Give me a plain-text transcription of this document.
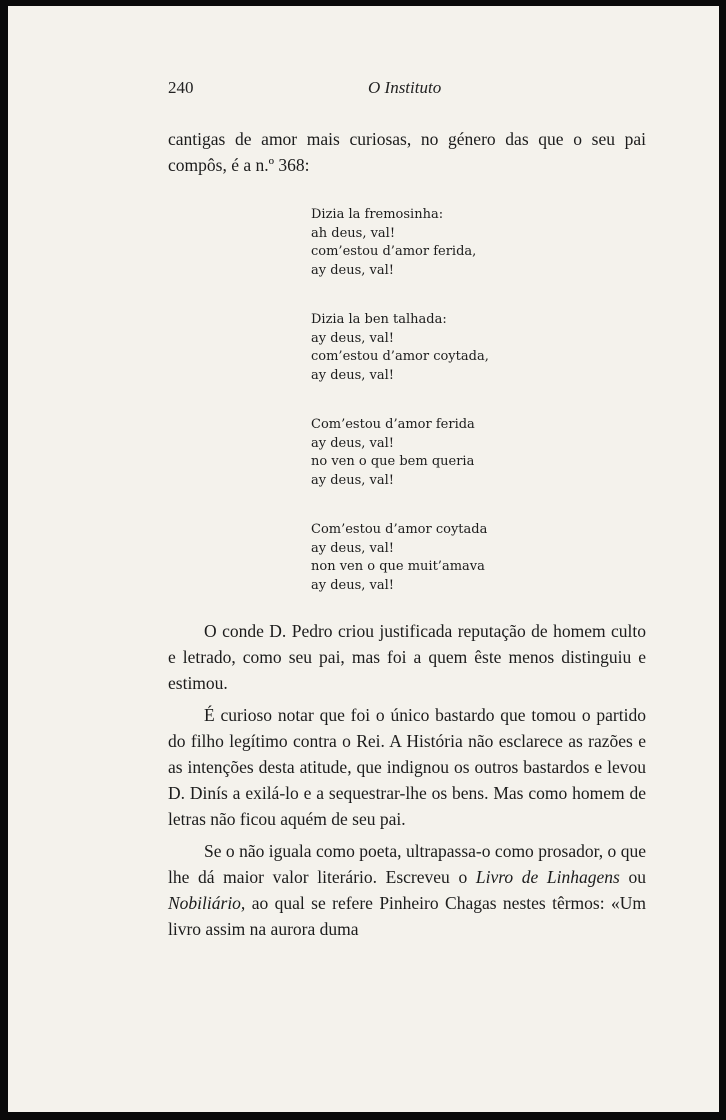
240	O Instituto
cantigas de amor mais curiosas, no género das que o seu pai compôs, é a n.º 368:
Dizia la fremosinha:
ah deus, val!
com’estou d’amor ferida,
ay deus, val!
Dizia la ben talhada:
ay deus, val!
com’estou d’amor coytada,
ay deus, val!
Com’estou d’amor ferida
ay deus, val!
no ven o que bem queria
ay deus, val!
Com’estou d’amor coytada
ay deus, val!
non ven o que muit’amava
ay deus, val!

O conde D. Pedro criou justificada reputação de homem culto e letrado, como seu pai, mas foi a quem êste menos distinguiu e estimou.

É curioso notar que foi o único bastardo que tomou o partido do filho legítimo contra o Rei. A História não esclarece as razões e as intenções desta atitude, que indignou os outros bastardos e levou D. Dinís a exilá-lo e a sequestrar-lhe os bens. Mas como homem de letras não ficou aquém de seu pai.

Se o não iguala como poeta, ultrapassa-o como prosador, o que lhe dá maior valor literário. Escreveu o Livro de Linhagens ou Nobiliário, ao qual se refere Pinheiro Chagas nestes têrmos: «Um livro assim na aurora duma
